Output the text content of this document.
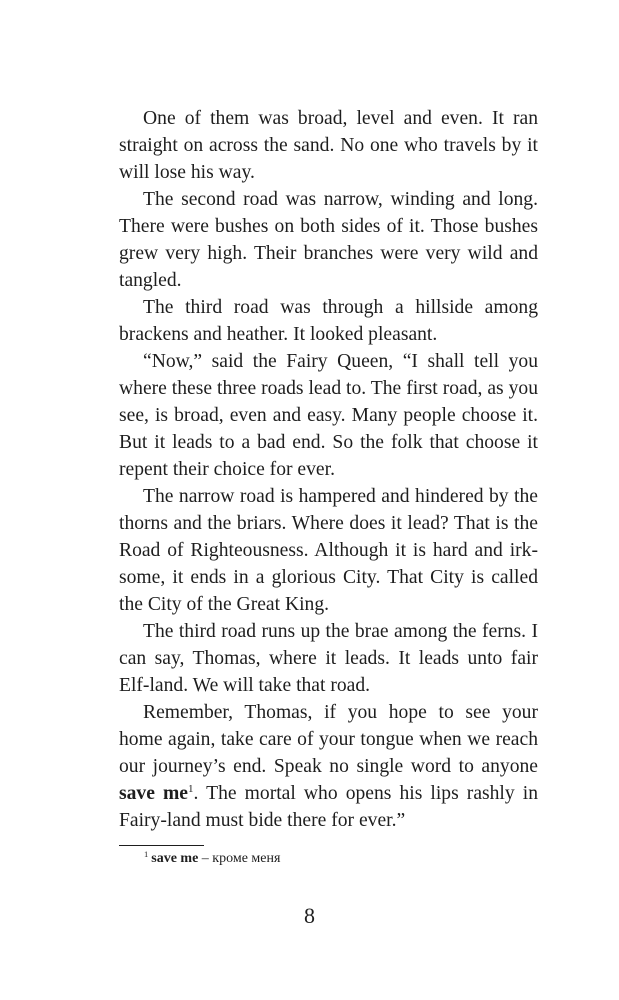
One of them was broad, level and even. It ran straight on across the sand. No one who travels by it will lose his way.

The second road was narrow, winding and long. There were bushes on both sides of it. Those bushes grew very high. Their branches were very wild and tangled.

The third road was through a hillside among brackens and heather. It looked pleasant.

“Now,” said the Fairy Queen, “I shall tell you where these three roads lead to. The first road, as you see, is broad, even and easy. Many people choose it. But it leads to a bad end. So the folk that choose it repent their choice for ever.

The narrow road is hampered and hindered by the thorns and the briars. Where does it lead? That is the Road of Righteousness. Although it is hard and irksome, it ends in a glorious City. That City is called the City of the Great King.

The third road runs up the brae among the ferns. I can say, Thomas, where it leads. It leads unto fair Elf-land. We will take that road.

Remember, Thomas, if you hope to see your home again, take care of your tongue when we reach our journey’s end. Speak no single word to anyone save $me^1$. The mortal who opens his lips rashly in Fairy-land must bide there for ever.”

$^1$ save me – кроме меня
8
